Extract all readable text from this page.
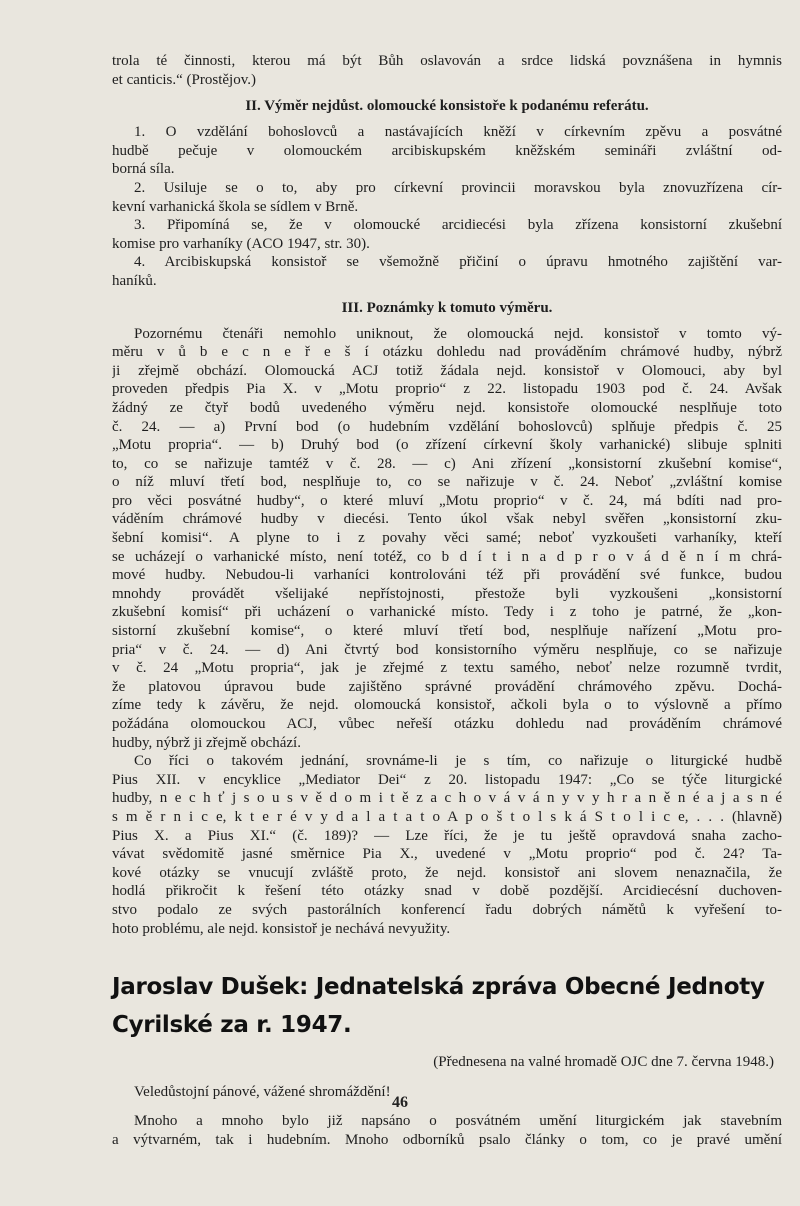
trola té činnosti, kterou má být Bůh oslavován a srdce lidská povznášena in hymnis
et canticis.“ (Prostějov.)
II. Výměr nejdůst. olomoucké konsistoře k podanému referátu.
1. O vzdělání bohoslovců a nastávajících kněží v církevním zpěvu a posvátné
hudbě pečuje v olomouckém arcibiskupském kněžském semináři zvláštní od-
borná síla.
2. Usiluje se o to, aby pro církevní provincii moravskou byla znovuzřízena cír-
kevní varhanická škola se sídlem v Brně.
3. Připomíná se, že v olomoucké arcidiecési byla zřízena konsistorní zkušební
komise pro varhaníky (ACO 1947, str. 30).
4. Arcibiskupská konsistoř se všemožně přičiní o úpravu hmotného zajištění var-
haníků.
III. Poznámky k tomuto výměru.
Pozornému čtenáři nemohlo uniknout, že olomoucká nejd. konsistoř v tomto vý-
měru v ů b e c n e ř e š í otázku dohledu nad prováděním chrámové hudby, nýbrž
ji zřejmě obchází. Olomoucká ACJ totiž žádala nejd. konsistoř v Olomouci, aby byl
proveden předpis Pia X. v „Motu proprio“ z 22. listopadu 1903 pod č. 24. Avšak
žádný ze čtyř bodů uvedeného výměru nejd. konsistoře olomoucké nesplňuje toto
č. 24. — a) První bod (o hudebním vzdělání bohoslovců) splňuje předpis č. 25
„Motu propria“. — b) Druhý bod (o zřízení církevní školy varhanické) slibuje splniti
to, co se nařizuje tamtéž v č. 28. — c) Ani zřízení „konsistorní zkušební komise“,
o níž mluví třetí bod, nesplňuje to, co se nařizuje v č. 24. Neboť „zvláštní komise
pro věci posvátné hudby“, o které mluví „Motu proprio“ v č. 24, má bdíti nad pro-
váděním chrámové hudby v diecési. Tento úkol však nebyl svěřen „konsistorní zku-
šební komisi“. A plyne to i z povahy věci samé; neboť vyzkoušeti varhaníky, kteří
se ucházejí o varhanické místo, není totéž, co b d í t i n a d p r o v á d ě n í m chrá-
mové hudby. Nebudou-li varhaníci kontrolováni též při provádění své funkce, budou
mnohdy provádět všelijaké nepřístojnosti, přestože byli vyzkoušeni „konsistorní
zkušební komisí“ při ucházení o varhanické místo. Tedy i z toho je patrné, že „kon-
sistorní zkušební komise“, o které mluví třetí bod, nesplňuje nařízení „Motu pro-
pria“ v č. 24. — d) Ani čtvrtý bod konsistorního výměru nesplňuje, co se nařizuje
v č. 24 „Motu propria“, jak je zřejmé z textu samého, neboť nelze rozumně tvrdit,
že platovou úpravou bude zajištěno správné provádění chrámového zpěvu. Dochá-
zíme tedy k závěru, že nejd. olomoucká konsistoř, ačkoli byla o to výslovně a přímo
požádána olomouckou ACJ, vůbec neřeší otázku dohledu nad prováděním chrámové
hudby, nýbrž ji zřejmě obchází.
Co říci o takovém jednání, srovnáme-li je s tím, co nařizuje o liturgické hudbě
Pius XII. v encyklice „Mediator Dei“ z 20. listopadu 1947: „Co se týče liturgické
hudby, n e c h ť j s o u s v ě d o m i t ě z a c h o v á v á n y v y h r a n ě n é a j a s n é
s m ě r n i c e, k t e r é v y d a l a t a t o A p o š t o l s k á S t o l i c e, . . . (hlavně)
Pius X. a Pius XI.“ (č. 189)? — Lze říci, že je tu ještě opravdová snaha zacho-
vávat svědomitě jasné směrnice Pia X., uvedené v „Motu proprio“ pod č. 24? Ta-
kové otázky se vnucují zvláště proto, že nejd. konsistoř ani slovem nenaznačila, že
hodlá přikročit k řešení této otázky snad v době pozdější. Arcidiecésní duchoven-
stvo podalo ze svých pastorálních konferencí řadu dobrých námětů k vyřešení to-
hoto problému, ale nejd. konsistoř je nechává nevyužity.
Jaroslav Dušek: Jednatelská zpráva Obecné Jednoty
Cyrilské za r. 1947.
(Přednesena na valné hromadě OJC dne 7. června 1948.)
Veledůstojní pánové, vážené shromáždění!
Mnoho a mnoho bylo již napsáno o posvátném umění liturgickém jak stavebním
a výtvarném, tak i hudebním. Mnoho odborníků psalo články o tom, co je pravé umění
46
